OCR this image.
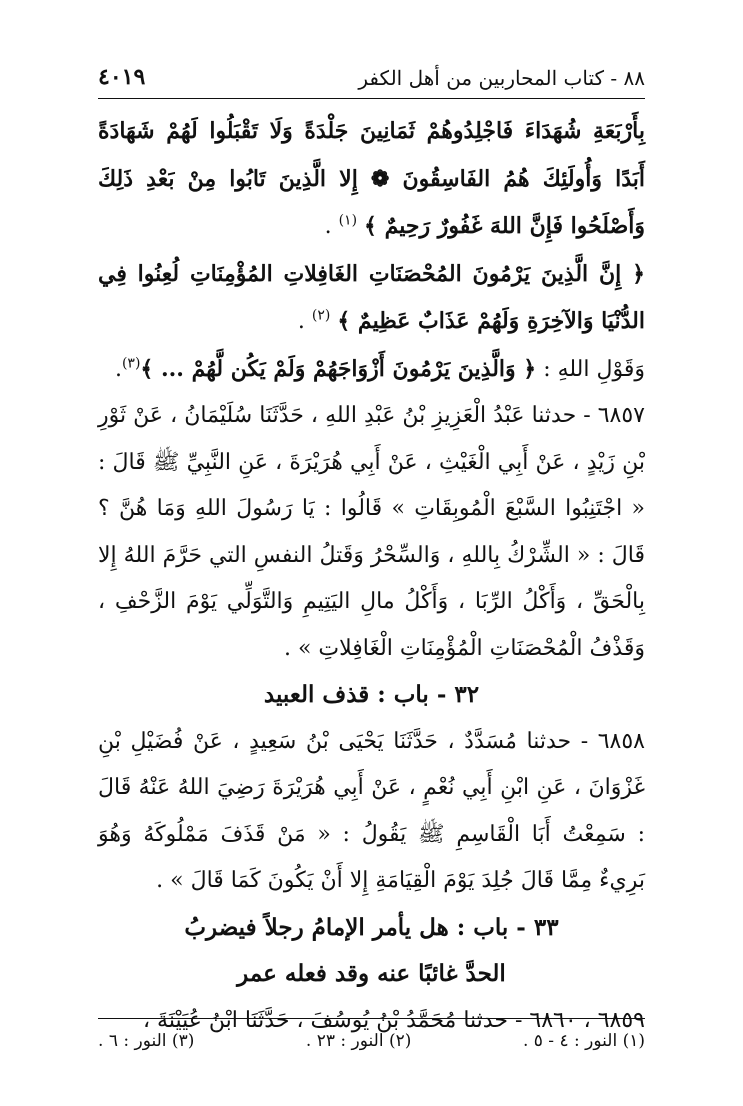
٨٨ - كتاب المحاربين من أهل الكفر
٤٠١٩

بِأَرْبَعَةِ شُهَدَاءَ فَاجْلِدُوهُمْ ثَمَانِينَ جَلْدَةً وَلَا تَقْبَلُوا لَهُمْ شَهَادَةً أَبَدًا وَأُولَئِكَ هُمُ الفَاسِقُونَ ❁ إِلا الَّذِينَ تَابُوا مِنْ بَعْدِ ذَلِكَ وَأَصْلَحُوا فَإِنَّ اللهَ غَفُورٌ رَحِيمٌ ﴾ $^{(١)}$ .

﴿ إِنَّ الَّذِينَ يَرْمُونَ المُحْصَنَاتِ الغَافِلاتِ المُؤْمِنَاتِ لُعِنُوا فِي الدُّنْيَا وَالآخِرَةِ وَلَهُمْ عَذَابٌ عَظِيمٌ ﴾ $^{(٢)}$ .

وَقَوْلِ اللهِ : ﴿ وَالَّذِينَ يَرْمُونَ أَزْوَاجَهُمْ وَلَمْ يَكُن لَّهُمْ ... ﴾$^{(٣)}$.

٦٨٥٧ - حدثنا عَبْدُ الْعَزِيزِ بْنُ عَبْدِ اللهِ ، حَدَّثَنَا سُلَيْمَانُ ، عَنْ ثَوْرِ بْنِ زَيْدٍ ، عَنْ أَبِي الْغَيْثِ ، عَنْ أَبِي هُرَيْرَةَ ، عَنِ النَّبِيِّ ﷺ قَالَ : « اجْتَنِبُوا السَّبْعَ الْمُوبِقَاتِ » قَالُوا : يَا رَسُولَ اللهِ وَمَا هُنَّ ؟ قَالَ : « الشِّرْكُ بِاللهِ ، وَالسِّحْرُ وَقَتلُ النفسِ التي حَرَّمَ اللهُ إِلا بِالْحَقِّ ، وَأَكْلُ الرِّبَا ، وَأَكْلُ مالِ اليَتِيمِ وَالتَّوَلِّي يَوْمَ الزَّحْفِ ، وَقَذْفُ الْمُحْصَنَاتِ الْمُؤْمِنَاتِ الْغَافِلاتِ » .

٣٢ - باب : قذف العبيد

٦٨٥٨ - حدثنا مُسَدَّدٌ ، حَدَّثَنَا يَحْيَى بْنُ سَعِيدٍ ، عَنْ فُضَيْلِ بْنِ غَزْوَانَ ، عَنِ ابْنِ أَبِي نُعْمٍ ، عَنْ أَبِي هُرَيْرَةَ رَضِيَ اللهُ عَنْهُ قَالَ : سَمِعْتُ أَبَا الْقَاسِمِ ﷺ يَقُولُ : « مَنْ قَذَفَ مَمْلُوكَهُ وَهُوَ بَرِيءٌ مِمَّا قَالَ جُلِدَ يَوْمَ الْقِيَامَةِ إِلا أَنْ يَكُونَ كَمَا قَالَ » .

٣٣ - باب : هل يأمر الإمامُ رجلاً فيضربُ

الحدَّ غائبًا عنه وقد فعله عمر

٦٨٥٩ ، ٦٨٦٠ - حدثنا مُحَمَّدُ بْنُ يُوسُفَ ، حَدَّثَنَا ابْنُ عُيَيْنَةَ ،

(١) النور : ٤ - ٥ .
(٢) النور : ٢٣ .
(٣) النور : ٦ .
